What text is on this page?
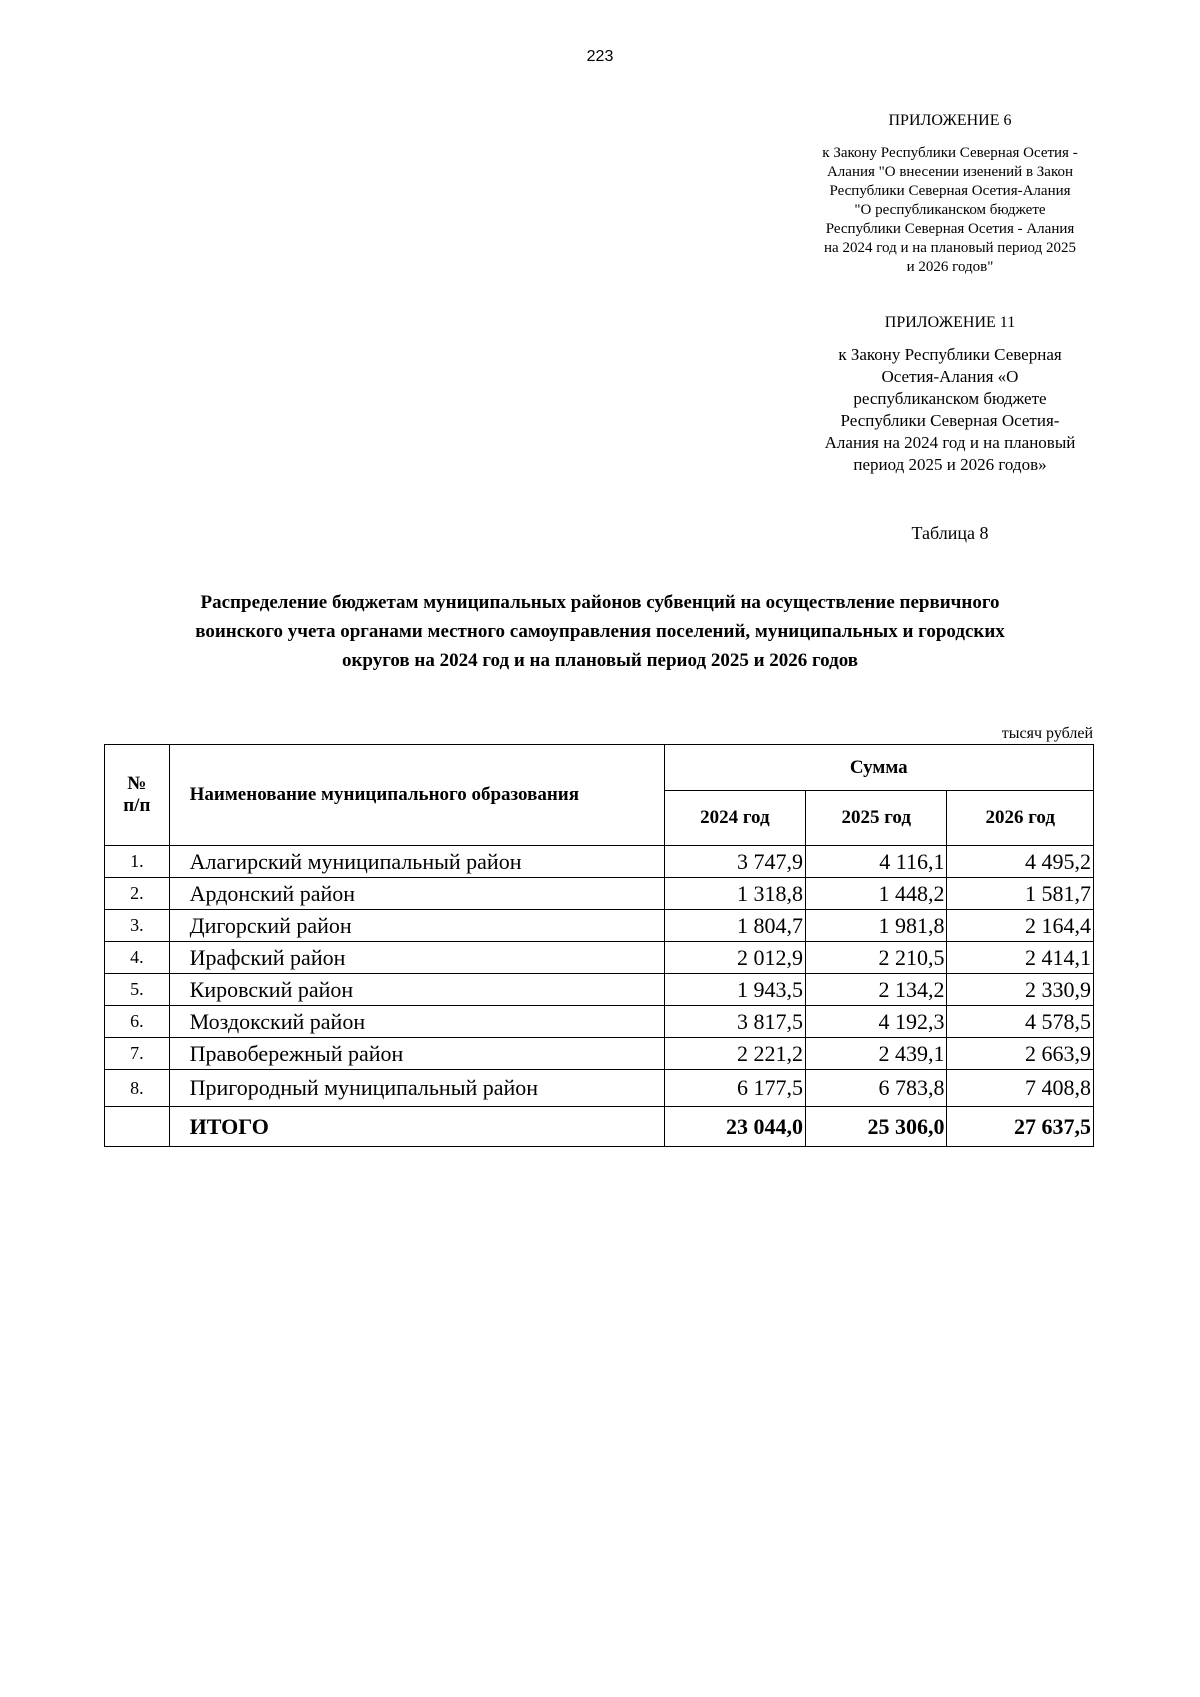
223
ПРИЛОЖЕНИЕ 6
к Закону Республики Северная Осетия -
Алания "О внесении изенений в Закон
Республики Северная Осетия-Алания
"О республиканском бюджете
Республики Северная Осетия - Алания
на 2024 год и на плановый период 2025
и 2026 годов"
ПРИЛОЖЕНИЕ 11
к Закону Республики Северная
Осетия-Алания «О
республиканском бюджете
Республики Северная Осетия-
Алания на 2024 год и на плановый
период 2025 и 2026 годов»
Таблица 8
Распределение бюджетам муниципальных районов субвенций на осуществление первичного
воинского учета органами местного самоуправления поселений, муниципальных и городских
округов на 2024 год и на плановый период 2025 и 2026 годов
тысяч рублей
№
п/п	Наименование муниципального образования	Сумма		
		2024 год	2025 год	2026 год
1.	Алагирский муниципальный район	3 747,9	4 116,1	4 495,2
2.	Ардонский район	1 318,8	1 448,2	1 581,7
3.	Дигорский район	1 804,7	1 981,8	2 164,4
4.	Ирафский район	2 012,9	2 210,5	2 414,1
5.	Кировский район	1 943,5	2 134,2	2 330,9
6.	Моздокский район	3 817,5	4 192,3	4 578,5
7.	Правобережный район	2 221,2	2 439,1	2 663,9
8.	Пригородный муниципальный район	6 177,5	6 783,8	7 408,8
	ИТОГО	23 044,0	25 306,0	27 637,5
